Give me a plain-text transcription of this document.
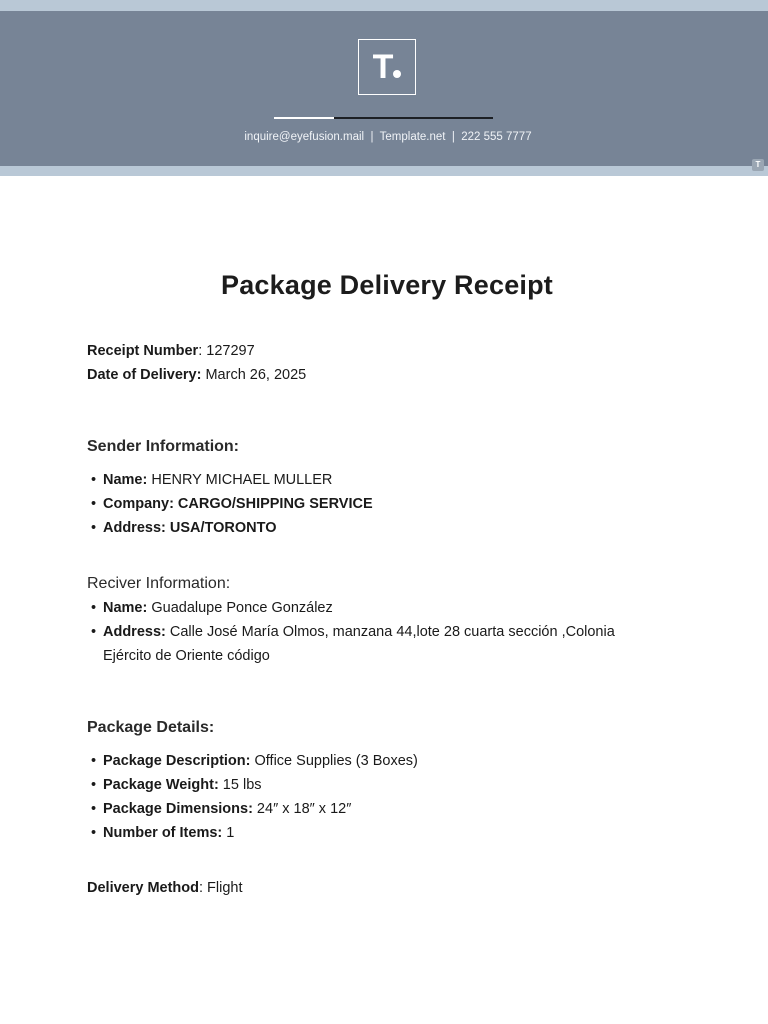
T
inquire@eyefusion.mail  |  Template.net  |  222 555 7777
T
Package Delivery Receipt
Receipt Number: 127297
Date of Delivery: March 26, 2025
Sender Information:
• Name: HENRY MICHAEL MULLER
• Company: CARGO/SHIPPING SERVICE
• Address: USA/TORONTO
Reciver Information:
• Name: Guadalupe Ponce González
• Address: Calle José María Olmos, manzana 44,lote 28 cuarta sección ,Colonia Ejército de Oriente código
Package Details:
• Package Description: Office Supplies (3 Boxes)
• Package Weight: 15 lbs
• Package Dimensions: 24″ x 18″ x 12″
• Number of Items: 1
Delivery Method: Flight
